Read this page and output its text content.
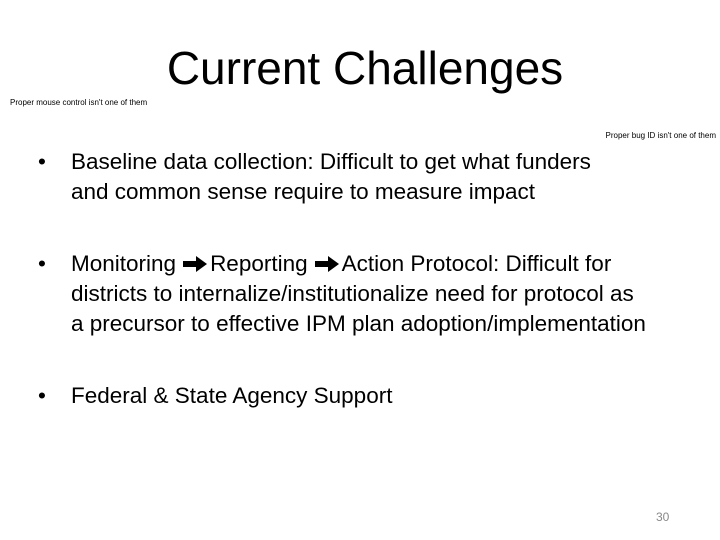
Current Challenges
Proper mouse control isn't one of them
Proper bug ID isn't one of them
•	Baseline data collection: Difficult to get what funders and common sense require to measure impact
•	Monitoring Reporting Action Protocol: Difficult for districts to internalize/institutionalize need for protocol as a precursor to effective IPM plan adoption/implementation
•	Federal & State Agency Support
30
